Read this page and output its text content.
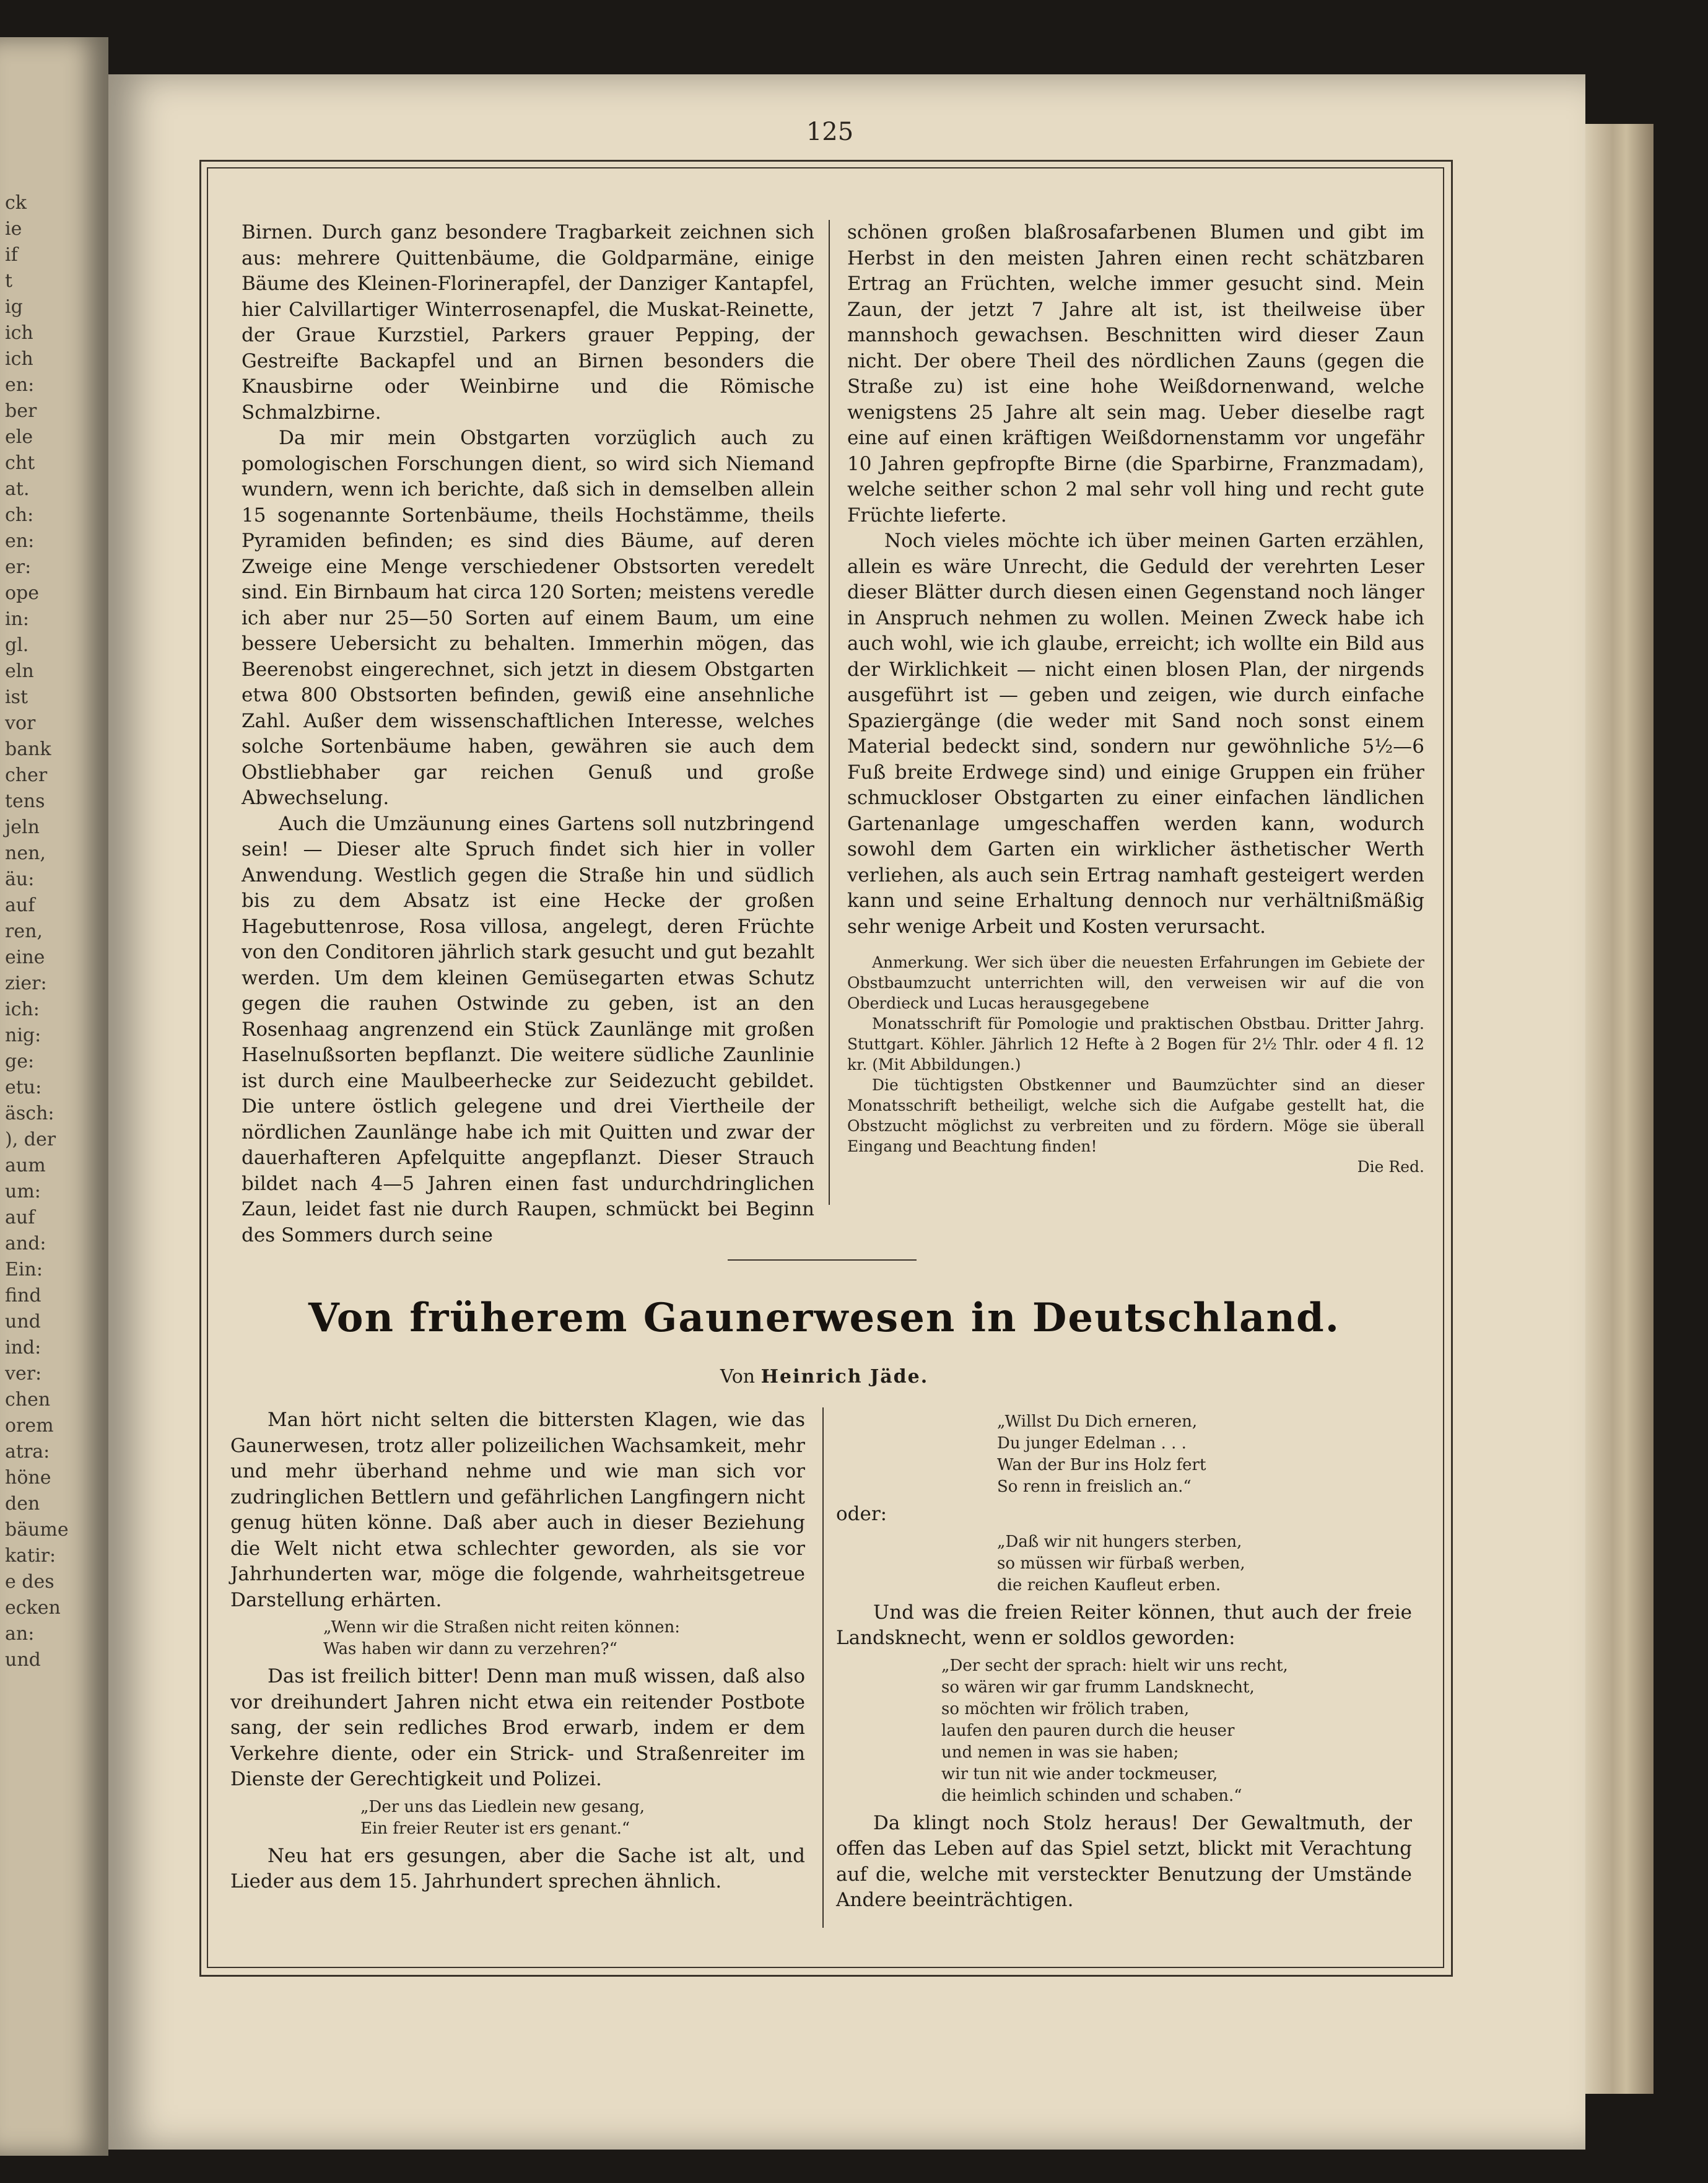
ck
ie
if
t
ig
ich
ich
en:
ber
ele
cht
at.
ch:
en:
er:
ope
in:
gl.
eln
ist
vor
bank
cher
tens
jeln
nen,
äu:
auf
ren,
eine
zier:
ich:
nig:
ge:
etu:
äsch:
), der
aum
um:
auf
and:
Ein:
find
und
ind:
ver:
chen
orem
atra:
höne
den
bäume
katir:
e des
ecken
an:
und
125

Birnen. Durch ganz besondere Tragbarkeit zeichnen sich aus: mehrere Quittenbäume, die Goldparmäne, einige Bäume des Kleinen-Florinerapfel, der Danziger Kantapfel, hier Calvillartiger Winterrosenapfel, die Muskat-Reinette, der Graue Kurzstiel, Parkers grauer Pepping, der Gestreifte Backapfel und an Birnen besonders die Knausbirne oder Weinbirne und die Römische Schmalzbirne.

Da mir mein Obstgarten vorzüglich auch zu pomologischen Forschungen dient, so wird sich Niemand wundern, wenn ich berichte, daß sich in demselben allein 15 sogenannte Sortenbäume, theils Hochstämme, theils Pyramiden befinden; es sind dies Bäume, auf deren Zweige eine Menge verschiedener Obstsorten veredelt sind. Ein Birnbaum hat circa 120 Sorten; meistens veredle ich aber nur 25—50 Sorten auf einem Baum, um eine bessere Uebersicht zu behalten. Immerhin mögen, das Beerenobst eingerechnet, sich jetzt in diesem Obstgarten etwa 800 Obstsorten befinden, gewiß eine ansehnliche Zahl. Außer dem wissenschaftlichen Interesse, welches solche Sortenbäume haben, gewähren sie auch dem Obstliebhaber gar reichen Genuß und große Abwechselung.

Auch die Umzäunung eines Gartens soll nutzbringend sein! — Dieser alte Spruch findet sich hier in voller Anwendung. Westlich gegen die Straße hin und südlich bis zu dem Absatz ist eine Hecke der großen Hagebuttenrose, Rosa villosa, angelegt, deren Früchte von den Conditoren jährlich stark gesucht und gut bezahlt werden. Um dem kleinen Gemüsegarten etwas Schutz gegen die rauhen Ostwinde zu geben, ist an den Rosenhaag angrenzend ein Stück Zaunlänge mit großen Haselnußsorten bepflanzt. Die weitere südliche Zaunlinie ist durch eine Maulbeerhecke zur Seidezucht gebildet. Die untere östlich gelegene und drei Viertheile der nördlichen Zaunlänge habe ich mit Quitten und zwar der dauerhafteren Apfelquitte angepflanzt. Dieser Strauch bildet nach 4—5 Jahren einen fast undurchdringlichen Zaun, leidet fast nie durch Raupen, schmückt bei Beginn des Sommers durch seine

schönen großen blaßrosafarbenen Blumen und gibt im Herbst in den meisten Jahren einen recht schätzbaren Ertrag an Früchten, welche immer gesucht sind. Mein Zaun, der jetzt 7 Jahre alt ist, ist theilweise über mannshoch gewachsen. Beschnitten wird dieser Zaun nicht. Der obere Theil des nördlichen Zauns (gegen die Straße zu) ist eine hohe Weißdornenwand, welche wenigstens 25 Jahre alt sein mag. Ueber dieselbe ragt eine auf einen kräftigen Weißdornenstamm vor ungefähr 10 Jahren gepfropfte Birne (die Sparbirne, Franzmadam), welche seither schon 2 mal sehr voll hing und recht gute Früchte lieferte.

Noch vieles möchte ich über meinen Garten erzählen, allein es wäre Unrecht, die Geduld der verehrten Leser dieser Blätter durch diesen einen Gegenstand noch länger in Anspruch nehmen zu wollen. Meinen Zweck habe ich auch wohl, wie ich glaube, erreicht; ich wollte ein Bild aus der Wirklichkeit — nicht einen blosen Plan, der nirgends ausgeführt ist — geben und zeigen, wie durch einfache Spaziergänge (die weder mit Sand noch sonst einem Material bedeckt sind, sondern nur gewöhnliche 5½—6 Fuß breite Erdwege sind) und einige Gruppen ein früher schmuckloser Obstgarten zu einer einfachen ländlichen Gartenanlage umgeschaffen werden kann, wodurch sowohl dem Garten ein wirklicher ästhetischer Werth verliehen, als auch sein Ertrag namhaft gesteigert werden kann und seine Erhaltung dennoch nur verhältnißmäßig sehr wenige Arbeit und Kosten verursacht.

Anmerkung. Wer sich über die neuesten Erfahrungen im Gebiete der Obstbaumzucht unterrichten will, den verweisen wir auf die von Oberdieck und Lucas herausgegebene

Monatsschrift für Pomologie und praktischen Obstbau. Dritter Jahrg. Stuttgart. Köhler. Jährlich 12 Hefte à 2 Bogen für 2½ Thlr. oder 4 fl. 12 kr. (Mit Abbildungen.)

Die tüchtigsten Obstkenner und Baumzüchter sind an dieser Monatsschrift betheiligt, welche sich die Aufgabe gestellt hat, die Obstzucht möglichst zu verbreiten und zu fördern. Möge sie überall Eingang und Beachtung finden!

Die Red.
Von früherem Gaunerwesen in Deutschland.
Von Heinrich Jäde.

Man hört nicht selten die bittersten Klagen, wie das Gaunerwesen, trotz aller polizeilichen Wachsamkeit, mehr und mehr überhand nehme und wie man sich vor zudringlichen Bettlern und gefährlichen Langfingern nicht genug hüten könne. Daß aber auch in dieser Beziehung die Welt nicht etwa schlechter geworden, als sie vor Jahrhunderten war, möge die folgende, wahrheitsgetreue Darstellung erhärten.

„Wenn wir die Straßen nicht reiten können:
Was haben wir dann zu verzehren?“

Das ist freilich bitter! Denn man muß wissen, daß also vor dreihundert Jahren nicht etwa ein reitender Postbote sang, der sein redliches Brod erwarb, indem er dem Verkehre diente, oder ein Strick- und Straßenreiter im Dienste der Gerechtigkeit und Polizei.

„Der uns das Liedlein new gesang,
Ein freier Reuter ist ers genant.“

Neu hat ers gesungen, aber die Sache ist alt, und Lieder aus dem 15. Jahrhundert sprechen ähnlich.

„Willst Du Dich erneren,
Du junger Edelman . . .
Wan der Bur ins Holz fert
So renn in freislich an.“
oder:
„Daß wir nit hungers sterben,
so müssen wir fürbaß werben,
die reichen Kaufleut erben.

Und was die freien Reiter können, thut auch der freie Landsknecht, wenn er soldlos geworden:

„Der secht der sprach: hielt wir uns recht,
so wären wir gar frumm Landsknecht,
so möchten wir frölich traben,
laufen den pauren durch die heuser
und nemen in was sie haben;
wir tun nit wie ander tockmeuser,
die heimlich schinden und schaben.“

Da klingt noch Stolz heraus! Der Gewaltmuth, der offen das Leben auf das Spiel setzt, blickt mit Verachtung auf die, welche mit versteckter Benutzung der Umstände Andere beeinträchtigen.
